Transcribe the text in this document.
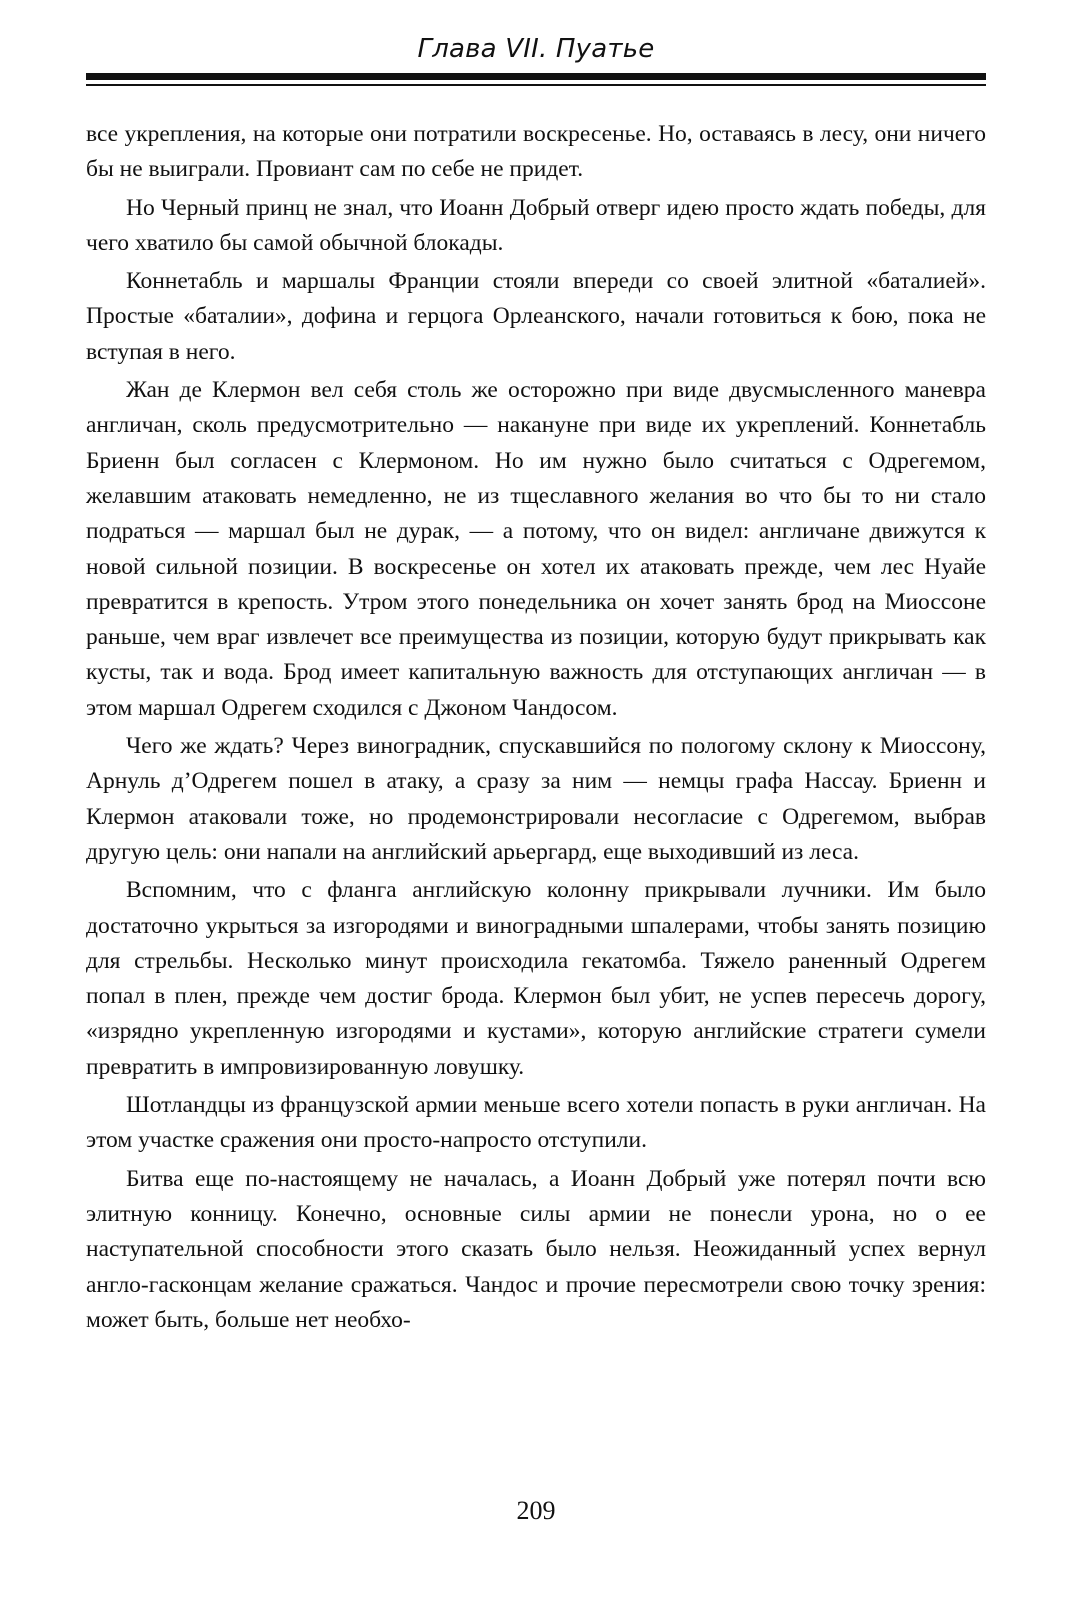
Глава VII. Пуатье

все укрепления, на которые они потратили воскресенье. Но, оставаясь в лесу, они ничего бы не выиграли. Провиант сам по себе не придет.

Но Черный принц не знал, что Иоанн Добрый отверг идею просто ждать победы, для чего хватило бы самой обычной блокады.

Коннетабль и маршалы Франции стояли впереди со своей элитной «баталией». Простые «баталии», дофина и герцога Орлеанского, начали готовиться к бою, пока не вступая в него.

Жан де Клермон вел себя столь же осторожно при виде двусмысленного маневра англичан, сколь предусмотрительно — накануне при виде их укреплений. Коннетабль Бриенн был согласен с Клермоном. Но им нужно было считаться с Одрегемом, желавшим атаковать немедленно, не из тщеславного желания во что бы то ни стало подраться — маршал был не дурак, — а потому, что он видел: англичане движутся к новой сильной позиции. В воскресенье он хотел их атаковать прежде, чем лес Нуайе превратится в крепость. Утром этого понедельника он хочет занять брод на Миоссоне раньше, чем враг извлечет все преимущества из позиции, которую будут прикрывать как кусты, так и вода. Брод имеет капитальную важность для отступающих англичан — в этом маршал Одрегем сходился с Джоном Чандосом.

Чего же ждать? Через виноградник, спускавшийся по пологому склону к Миоссону, Арнуль д’Одрегем пошел в атаку, а сразу за ним — немцы графа Нассау. Бриенн и Клермон атаковали тоже, но продемонстрировали несогласие с Одрегемом, выбрав другую цель: они напали на английский арьергард, еще выходивший из леса.

Вспомним, что с фланга английскую колонну прикрывали лучники. Им было достаточно укрыться за изгородями и виноградными шпалерами, чтобы занять позицию для стрельбы. Несколько минут происходила гекатомба. Тяжело раненный Одрегем попал в плен, прежде чем достиг брода. Клермон был убит, не успев пересечь дорогу, «изрядно укрепленную изгородями и кустами», которую английские стратеги сумели превратить в импровизированную ловушку.

Шотландцы из французской армии меньше всего хотели попасть в руки англичан. На этом участке сражения они просто-напросто отступили.

Битва еще по-настоящему не началась, а Иоанн Добрый уже потерял почти всю элитную конницу. Конечно, основные силы армии не понесли урона, но о ее наступательной способности этого сказать было нельзя. Неожиданный успех вернул англо-гасконцам желание сражаться. Чандос и прочие пересмотрели свою точку зрения: может быть, больше нет необхо-

209
